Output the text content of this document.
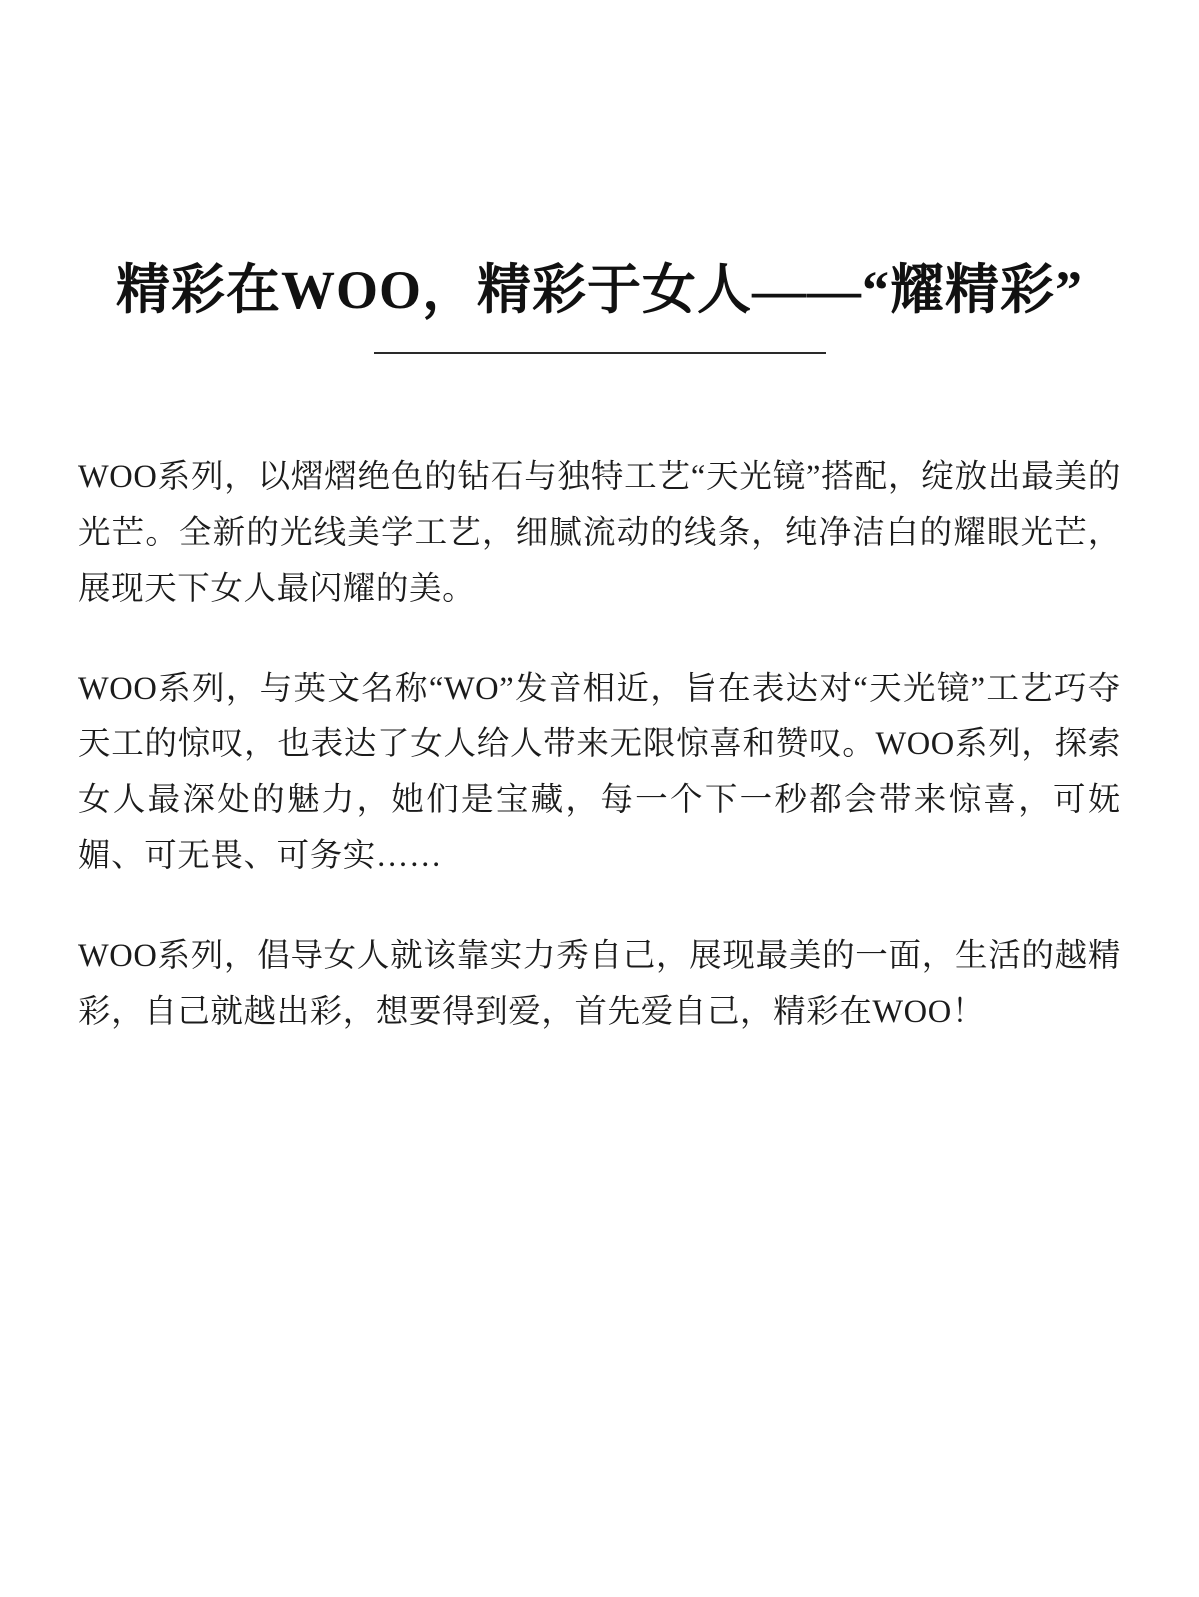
精彩在WOO，精彩于女人——“耀精彩”

WOO系列，以熠熠绝色的钻石与独特工艺“天光镜”搭配，绽放出最美的光芒。全新的光线美学工艺，细腻流动的线条，纯净洁白的耀眼光芒，展现天下女人最闪耀的美。

WOO系列，与英文名称“WO”发音相近，旨在表达对“天光镜”工艺巧夺天工的惊叹，也表达了女人给人带来无限惊喜和赞叹。WOO系列，探索女人最深处的魅力，她们是宝藏，每一个下一秒都会带来惊喜，可妩媚、可无畏、可务实……

WOO系列，倡导女人就该靠实力秀自己，展现最美的一面，生活的越精彩，自己就越出彩，想要得到爱，首先爱自己，精彩在WOO！
